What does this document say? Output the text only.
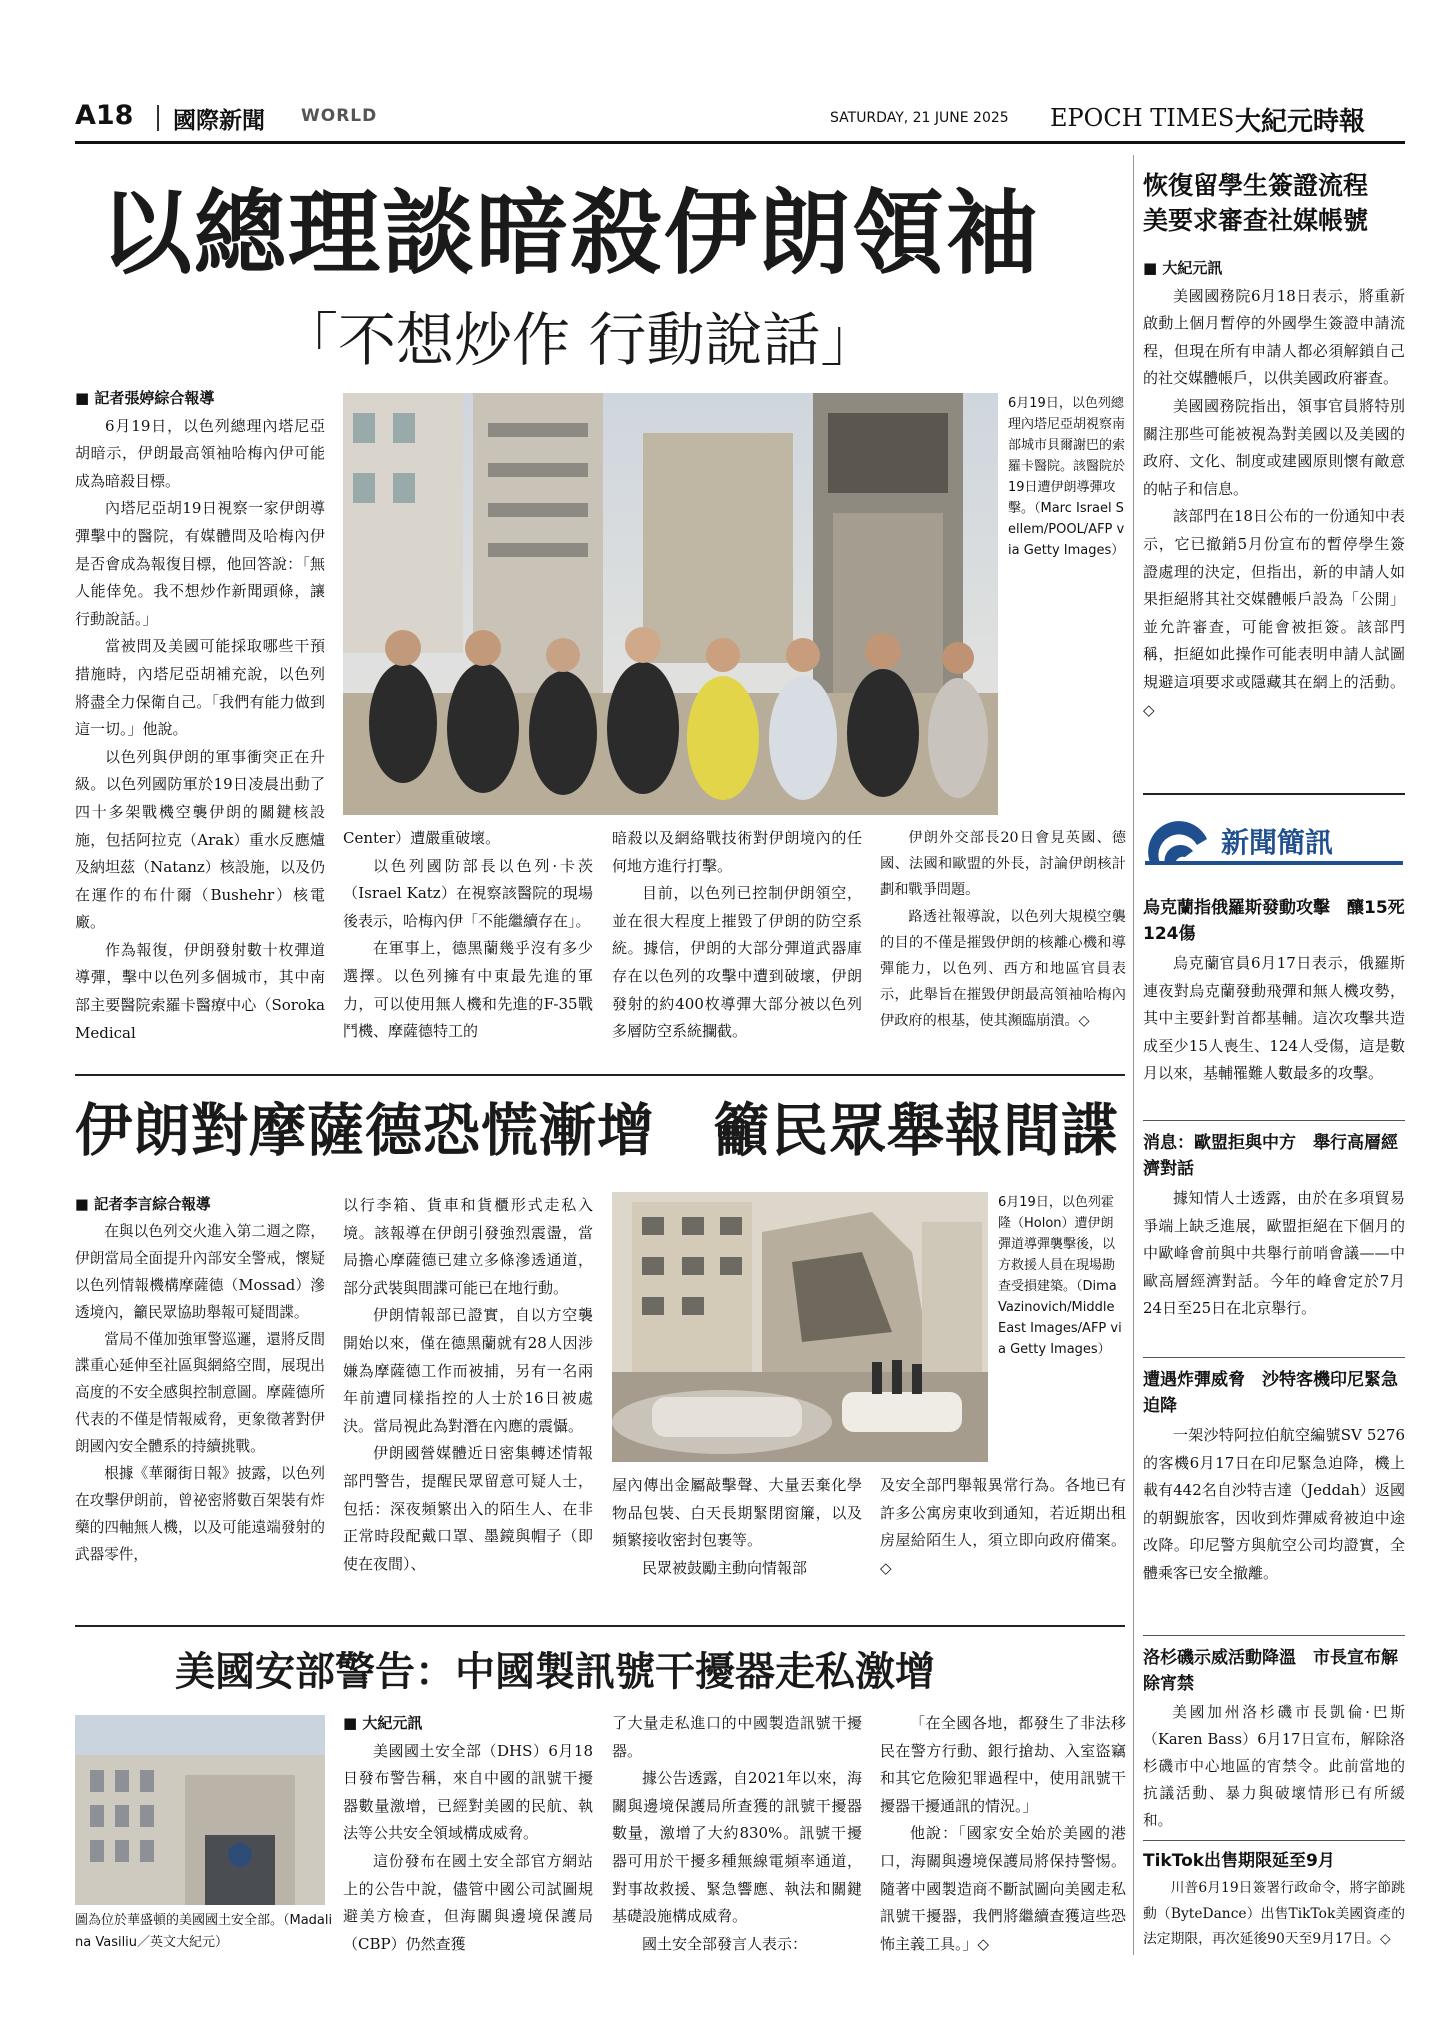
A18 國際新聞 WORLD	SATURDAY, 21 JUNE 2025 EPOCH TIMES 大紀元時報
以總理談暗殺伊朗領袖
「不想炒作 行動說話」

■ 記者張婷綜合報導

6月19日，以色列總理內塔尼亞胡暗示，伊朗最高領袖哈梅內伊可能成為暗殺目標。

內塔尼亞胡19日視察一家伊朗導彈擊中的醫院，有媒體問及哈梅內伊是否會成為報復目標，他回答說：「無人能倖免。我不想炒作新聞頭條，讓行動說話。」

當被問及美國可能採取哪些干預措施時，內塔尼亞胡補充說，以色列將盡全力保衛自己。「我們有能力做到這一切。」他說。

以色列與伊朗的軍事衝突正在升級。以色列國防軍於19日凌晨出動了四十多架戰機空襲伊朗的關鍵核設施，包括阿拉克（Arak）重水反應爐及納坦茲（Natanz）核設施，以及仍在運作的布什爾（Bushehr）核電廠。

作為報復，伊朗發射數十枚彈道導彈，擊中以色列多個城市，其中南部主要醫院索羅卡醫療中心（Soroka Medical

6月19日，以色列總理內塔尼亞胡視察南部城市貝爾謝巴的索羅卡醫院。該醫院於19日遭伊朗導彈攻擊。（Marc Israel Sellem/POOL/AFP via Getty Images）

Center）遭嚴重破壞。

以色列國防部長以色列·卡茨（Israel Katz）在視察該醫院的現場後表示，哈梅內伊「不能繼續存在」。

在軍事上，德黑蘭幾乎沒有多少選擇。以色列擁有中東最先進的軍力，可以使用無人機和先進的F-35戰鬥機、摩薩德特工的

暗殺以及網絡戰技術對伊朗境內的任何地方進行打擊。

目前，以色列已控制伊朗領空，並在很大程度上摧毀了伊朗的防空系統。據信，伊朗的大部分彈道武器庫存在以色列的攻擊中遭到破壞，伊朗發射的約400枚導彈大部分被以色列多層防空系統攔截。

伊朗外交部長20日會見英國、德國、法國和歐盟的外長，討論伊朗核計劃和戰爭問題。

路透社報導說，以色列大規模空襲的目的不僅是摧毀伊朗的核離心機和導彈能力，以色列、西方和地區官員表示，此舉旨在摧毀伊朗最高領袖哈梅內伊政府的根基，使其瀕臨崩潰。◇

伊朗對摩薩德恐慌漸增　籲民眾舉報間諜

■ 記者李言綜合報導

在與以色列交火進入第二週之際，伊朗當局全面提升內部安全警戒，懷疑以色列情報機構摩薩德（Mossad）滲透境內，籲民眾協助舉報可疑間諜。

當局不僅加強軍警巡邏，還將反間諜重心延伸至社區與網絡空間，展現出高度的不安全感與控制意圖。摩薩德所代表的不僅是情報威脅，更象徵著對伊朗國內安全體系的持續挑戰。

根據《華爾街日報》披露，以色列在攻擊伊朗前，曾祕密將數百架裝有炸藥的四軸無人機，以及可能遠端發射的武器零件，

以行李箱、貨車和貨櫃形式走私入境。該報導在伊朗引發強烈震盪，當局擔心摩薩德已建立多條滲透通道，部分武裝與間諜可能已在地行動。

伊朗情報部已證實，自以方空襲開始以來，僅在德黑蘭就有28人因涉嫌為摩薩德工作而被捕，另有一名兩年前遭同樣指控的人士於16日被處決。當局視此為對潛在內應的震懾。

伊朗國營媒體近日密集轉述情報部門警告，提醒民眾留意可疑人士，包括：深夜頻繁出入的陌生人、在非正常時段配戴口罩、墨鏡與帽子（即使在夜間）、

6月19日，以色列霍隆（Holon）遭伊朗彈道導彈襲擊後，以方救援人員在現場勘查受損建築。（Dima Vazinovich/Middle East Images/AFP via Getty Images）

屋內傳出金屬敲擊聲、大量丟棄化學物品包裝、白天長期緊閉窗簾，以及頻繁接收密封包裹等。

民眾被鼓勵主動向情報部

及安全部門舉報異常行為。各地已有許多公寓房東收到通知，若近期出租房屋給陌生人，須立即向政府備案。◇

美國安部警告：中國製訊號干擾器走私激增
圖為位於華盛頓的美國國土安全部。（Madalina Vasiliu／英文大紀元）

■ 大紀元訊

美國國土安全部（DHS）6月18日發布警告稱，來自中國的訊號干擾器數量激增，已經對美國的民航、執法等公共安全領域構成威脅。

這份發布在國土安全部官方網站上的公告中說，儘管中國公司試圖規避美方檢查，但海關與邊境保護局（CBP）仍然查獲

了大量走私進口的中國製造訊號干擾器。

據公告透露，自2021年以來，海關與邊境保護局所查獲的訊號干擾器數量，激增了大約830%。訊號干擾器可用於干擾多種無線電頻率通道，對事故救援、緊急響應、執法和關鍵基礎設施構成威脅。

國土安全部發言人表示：

「在全國各地，都發生了非法移民在警方行動、銀行搶劫、入室盜竊和其它危險犯罪過程中，使用訊號干擾器干擾通訊的情況。」

他說：「國家安全始於美國的港口，海關與邊境保護局將保持警惕。隨著中國製造商不斷試圖向美國走私訊號干擾器，我們將繼續查獲這些恐怖主義工具。」◇

恢復留學生簽證流程　美要求審查社媒帳號

■ 大紀元訊

美國國務院6月18日表示，將重新啟動上個月暫停的外國學生簽證申請流程，但現在所有申請人都必須解鎖自己的社交媒體帳戶，以供美國政府審查。

美國國務院指出，領事官員將特別關注那些可能被視為對美國以及美國的政府、文化、制度或建國原則懷有敵意的帖子和信息。

該部門在18日公布的一份通知中表示，它已撤銷5月份宣布的暫停學生簽證處理的決定，但指出，新的申請人如果拒絕將其社交媒體帳戶設為「公開」並允許審查，可能會被拒簽。該部門稱，拒絕如此操作可能表明申請人試圖規避這項要求或隱藏其在網上的活動。◇

新聞簡訊
烏克蘭指俄羅斯發動攻擊　釀15死 124傷

烏克蘭官員6月17日表示，俄羅斯連夜對烏克蘭發動飛彈和無人機攻勢，其中主要針對首都基輔。這次攻擊共造成至少15人喪生、124人受傷，這是數月以來，基輔罹難人數最多的攻擊。

消息：歐盟拒與中方　舉行高層經濟對話

據知情人士透露，由於在多項貿易爭端上缺乏進展，歐盟拒絕在下個月的中歐峰會前與中共舉行前哨會議——中歐高層經濟對話。今年的峰會定於7月24日至25日在北京舉行。

遭遇炸彈威脅　沙特客機印尼緊急迫降

一架沙特阿拉伯航空編號SV 5276的客機6月17日在印尼緊急迫降，機上載有442名自沙特吉達（Jeddah）返國的朝覲旅客，因收到炸彈威脅被迫中途改降。印尼警方與航空公司均證實，全體乘客已安全撤離。

洛杉磯示威活動降溫　市長宣布解除宵禁

美國加州洛杉磯市長凱倫·巴斯（Karen Bass）6月17日宣布，解除洛杉磯市中心地區的宵禁令。此前當地的抗議活動、暴力與破壞情形已有所緩和。

TikTok出售期限延至9月

川普6月19日簽署行政命令，將字節跳動（ByteDance）出售TikTok美國資產的法定期限，再次延後90天至9月17日。◇
